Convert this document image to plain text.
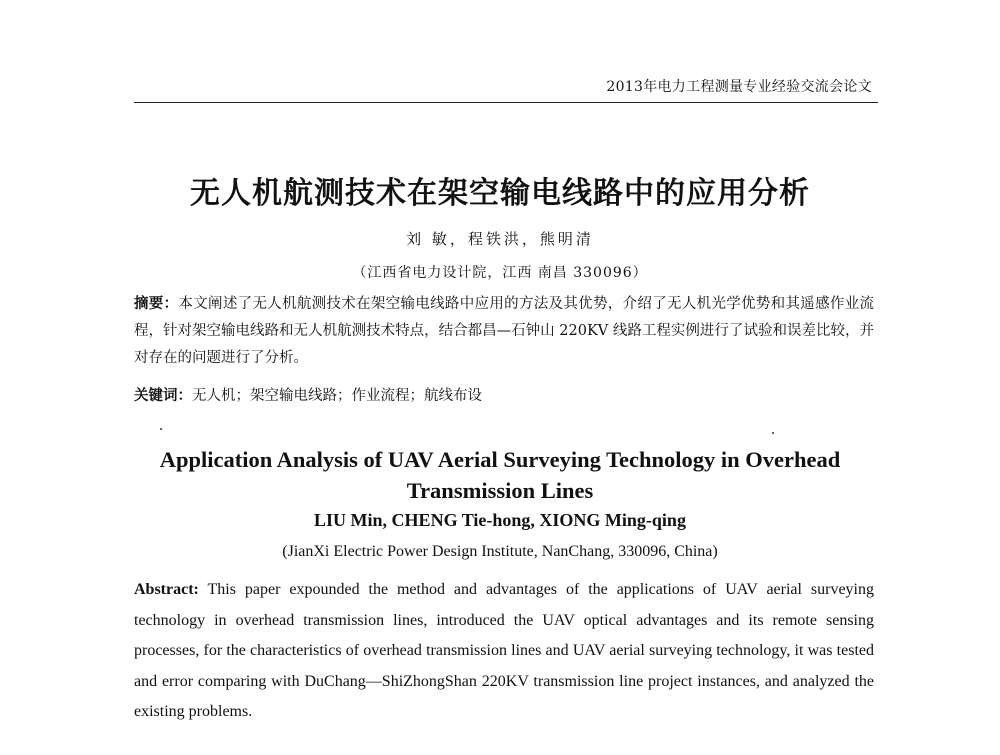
2013年电力工程测量专业经验交流会论文
无人机航测技术在架空输电线路中的应用分析
刘 敏，程铁洪，熊明清
（江西省电力设计院，江西 南昌 330096）
摘要：本文阐述了无人机航测技术在架空输电线路中应用的方法及其优势，介绍了无人机光学优势和其遥感作业流程，针对架空输电线路和无人机航测技术特点，结合都昌—石钟山 220KV 线路工程实例进行了试验和误差比较，并对存在的问题进行了分析。
关键词：无人机；架空输电线路；作业流程；航线布设
Application Analysis of UAV Aerial Surveying Technology in Overhead Transmission Lines
LIU Min, CHENG Tie-hong, XIONG Ming-qing
(JianXi Electric Power Design Institute, NanChang, 330096, China)
Abstract: This paper expounded the method and advantages of the applications of UAV aerial surveying technology in overhead transmission lines, introduced the UAV optical advantages and its remote sensing processes, for the characteristics of overhead transmission lines and UAV aerial surveying technology, it was tested and error comparing with DuChang—ShiZhongShan 220KV transmission line project instances, and analyzed the existing problems.
